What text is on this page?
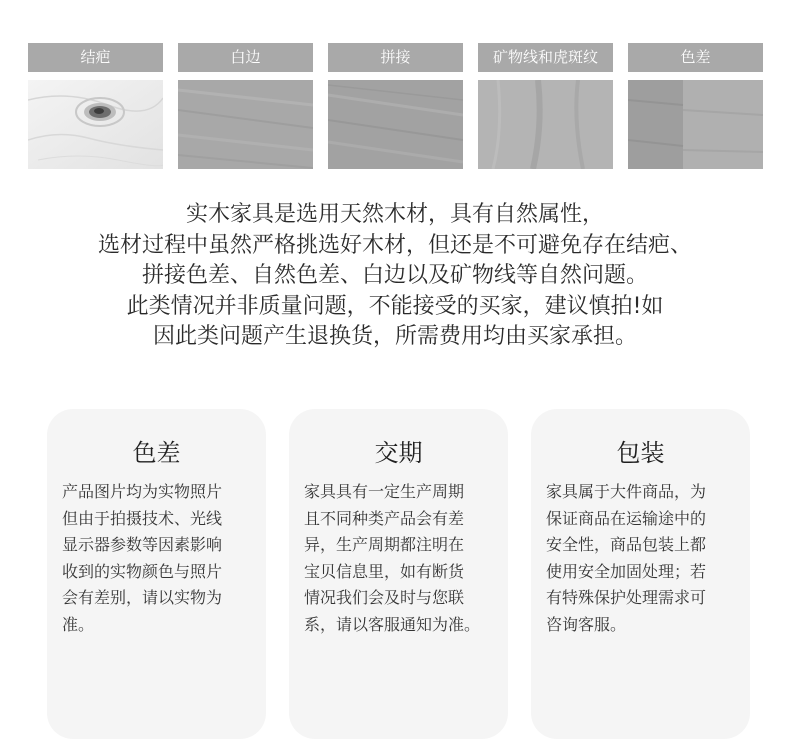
结疤	白边	拼接	矿物线和虎斑纹	色差
实木家具是选用天然木材，具有自然属性，
选材过程中虽然严格挑选好木材，但还是不可避免存在结疤、
拼接色差、自然色差、白边以及矿物线等自然问题。
此类情况并非质量问题，不能接受的买家，建议慎拍!如
因此类问题产生退换货，所需费用均由买家承担。
色差
产品图片均为实物照片
但由于拍摄技术、光线
显示器参数等因素影响
收到的实物颜色与照片
会有差别，请以实物为
准。
交期
家具具有一定生产周期
且不同种类产品会有差
异，生产周期都注明在
宝贝信息里，如有断货
情况我们会及时与您联
系，请以客服通知为准。
包装
家具属于大件商品，为
保证商品在运输途中的
安全性，商品包装上都
使用安全加固处理；若
有特殊保护处理需求可
咨询客服。
